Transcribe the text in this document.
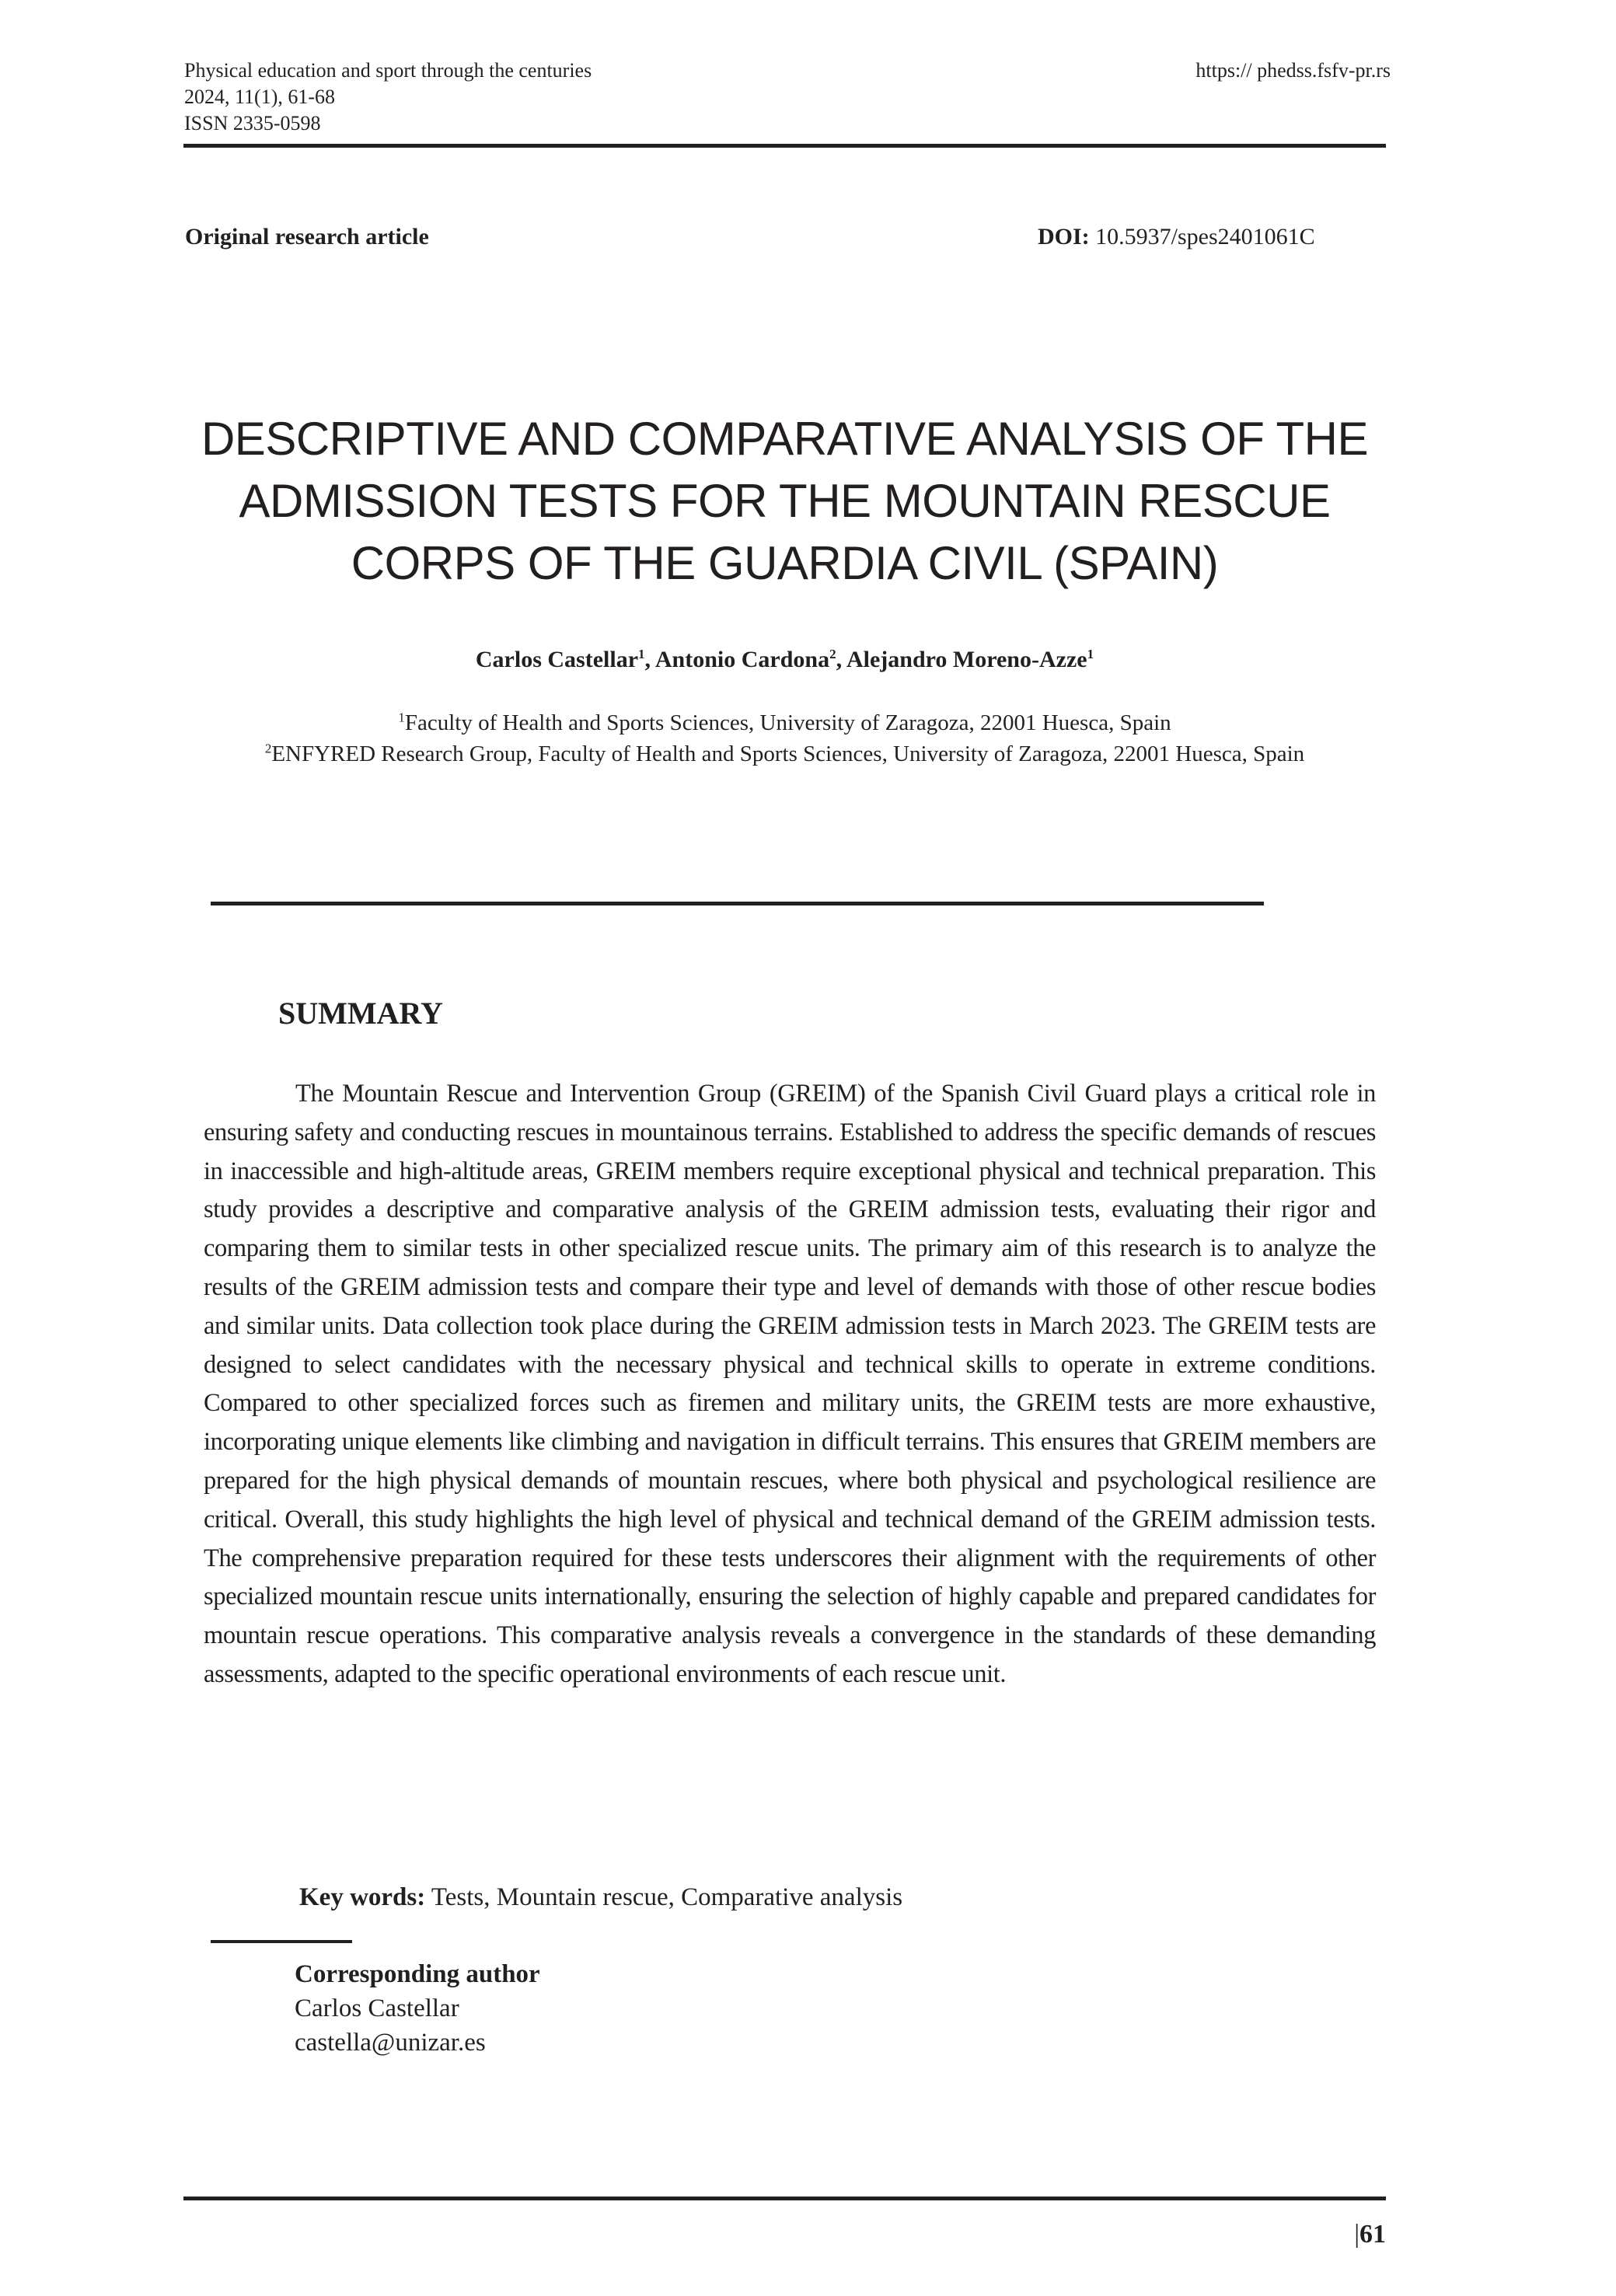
Physical education and sport through the centuries
2024, 11(1), 61-68
ISSN 2335-0598
https:// phedss.fsfv-pr.rs
Original research article	DOI: 10.5937/spes2401061C
DESCRIPTIVE AND COMPARATIVE ANALYSIS OF THE
ADMISSION TESTS FOR THE MOUNTAIN RESCUE
CORPS OF THE GUARDIA CIVIL (SPAIN)
Carlos Castellar$^1$, Antonio Cardona$^2$, Alejandro Moreno-Azze$^1$
$^1$Faculty of Health and Sports Sciences, University of Zaragoza, 22001 Huesca, Spain
$^2$ENFYRED Research Group, Faculty of Health and Sports Sciences, University of Zaragoza, 22001 Huesca, Spain
SUMMARY
The Mountain Rescue and Intervention Group (GREIM) of the Spanish Civil Guard plays a critical role in ensuring safety and conducting rescues in mountainous terrains. Established to address the specific demands of rescues in inaccessible and high-altitude areas, GREIM members require exceptional physical and technical preparation. This study provides a descriptive and comparative analysis of the GREIM admission tests, evaluating their rigor and comparing them to similar tests in other specialized rescue units. The primary aim of this research is to analyze the results of the GREIM admission tests and compare their type and level of demands with those of other rescue bodies and similar units. Data collection took place during the GREIM admission tests in March 2023. The GREIM tests are designed to select candidates with the necessary physical and technical skills to operate in extreme conditions. Compared to other specialized forces such as firemen and military units, the GREIM tests are more exhaustive, incorporating unique elements like climbing and navigation in difficult terrains. This ensures that GREIM members are prepared for the high physical demands of mountain rescues, where both physical and psychological resilience are critical. Overall, this study highlights the high level of physical and technical demand of the GREIM admission tests. The comprehensive preparation required for these tests underscores their alignment with the requirements of other specialized mountain rescue units internationally, ensuring the selection of highly capable and prepared candidates for mountain rescue operations. This comparative analysis reveals a convergence in the standards of these demanding assessments, adapted to the specific operational environments of each rescue unit.
Key words: Tests, Mountain rescue, Comparative analysis
Corresponding author
Carlos Castellar
castella@unizar.es
|61
